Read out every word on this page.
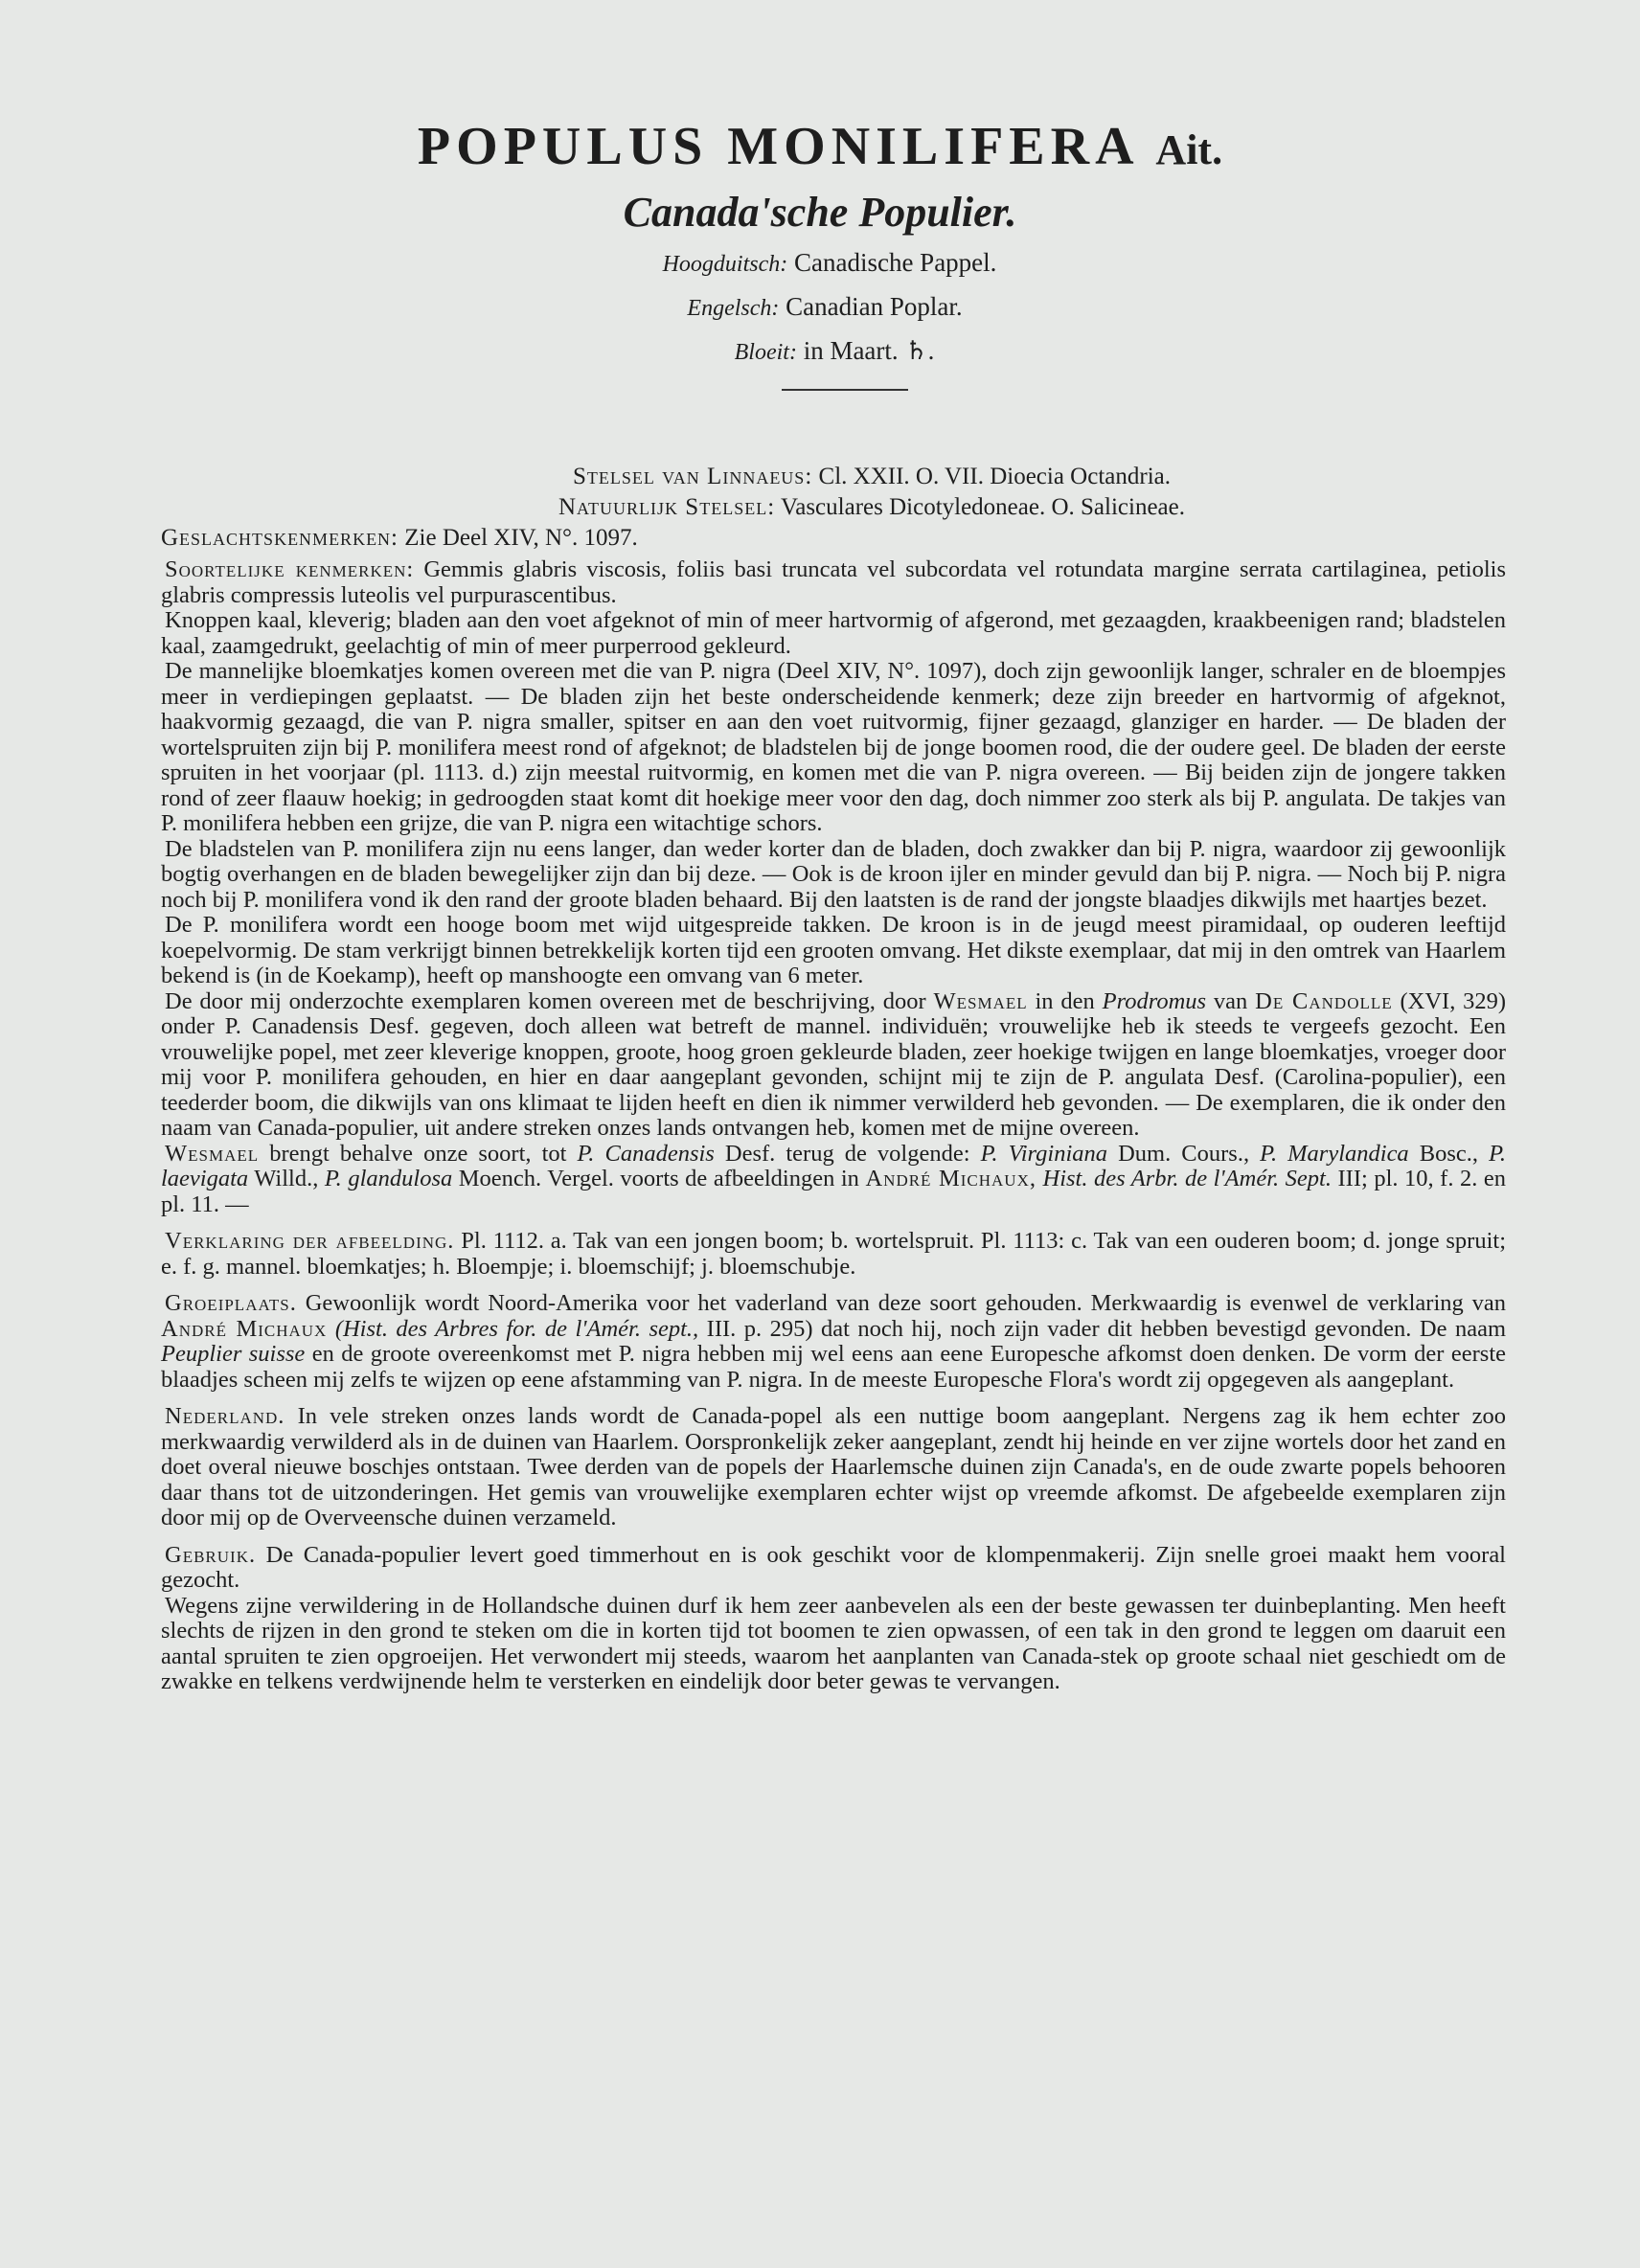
POPULUS MONILIFERA Ait.

Canada'sche Populier.

Hoogduitsch: Canadische Pappel.

Engelsch: Canadian Poplar.

Bloeit: in Maart. ♄.

Stelsel van Linnaeus: Cl. XXII. O. VII. Dioecia Octandria.

Natuurlijk Stelsel: Vasculares Dicotyledoneae. O. Salicineae.

Geslachtskenmerken: Zie Deel XIV, N°. 1097.

Soortelijke kenmerken: Gemmis glabris viscosis, foliis basi truncata vel subcordata vel rotundata margine serrata cartilaginea, petiolis glabris compressis luteolis vel purpurascentibus.

Knoppen kaal, kleverig; bladen aan den voet afgeknot of min of meer hartvormig of afgerond, met gezaagden, kraakbeenigen rand; bladstelen kaal, zaamgedrukt, geelachtig of min of meer purperrood gekleurd.

De mannelijke bloemkatjes komen overeen met die van P. nigra (Deel XIV, N°. 1097), doch zijn gewoonlijk langer, schraler en de bloempjes meer in verdiepingen geplaatst. — De bladen zijn het beste onderscheidende kenmerk; deze zijn breeder en hartvormig of afgeknot, haakvormig gezaagd, die van P. nigra smaller, spitser en aan den voet ruitvormig, fijner gezaagd, glanziger en harder. — De bladen der wortelspruiten zijn bij P. monilifera meest rond of afgeknot; de bladstelen bij de jonge boomen rood, die der oudere geel. De bladen der eerste spruiten in het voorjaar (pl. 1113. d.) zijn meestal ruitvormig, en komen met die van P. nigra overeen. — Bij beiden zijn de jongere takken rond of zeer flaauw hoekig; in gedroogden staat komt dit hoekige meer voor den dag, doch nimmer zoo sterk als bij P. angulata. De takjes van P. monilifera hebben een grijze, die van P. nigra een witachtige schors.

De bladstelen van P. monilifera zijn nu eens langer, dan weder korter dan de bladen, doch zwakker dan bij P. nigra, waardoor zij gewoonlijk bogtig overhangen en de bladen bewegelijker zijn dan bij deze. — Ook is de kroon ijler en minder gevuld dan bij P. nigra. — Noch bij P. nigra noch bij P. monilifera vond ik den rand der groote bladen behaard. Bij den laatsten is de rand der jongste blaadjes dikwijls met haartjes bezet.

De P. monilifera wordt een hooge boom met wijd uitgespreide takken. De kroon is in de jeugd meest piramidaal, op ouderen leeftijd koepelvormig. De stam verkrijgt binnen betrekkelijk korten tijd een grooten omvang. Het dikste exemplaar, dat mij in den omtrek van Haarlem bekend is (in de Koekamp), heeft op manshoogte een omvang van 6 meter.

De door mij onderzochte exemplaren komen overeen met de beschrijving, door Wesmael in den Prodromus van De Candolle (XVI, 329) onder P. Canadensis Desf. gegeven, doch alleen wat betreft de mannel. individuën; vrouwelijke heb ik steeds te vergeefs gezocht. Een vrouwelijke popel, met zeer kleverige knoppen, groote, hoog groen gekleurde bladen, zeer hoekige twijgen en lange bloemkatjes, vroeger door mij voor P. monilifera gehouden, en hier en daar aangeplant gevonden, schijnt mij te zijn de P. angulata Desf. (Carolina-populier), een teederder boom, die dikwijls van ons klimaat te lijden heeft en dien ik nimmer verwilderd heb gevonden. — De exemplaren, die ik onder den naam van Canada-populier, uit andere streken onzes lands ontvangen heb, komen met de mijne overeen.

Wesmael brengt behalve onze soort, tot P. Canadensis Desf. terug de volgende: P. Virginiana Dum. Cours., P. Marylandica Bosc., P. laevigata Willd., P. glandulosa Moench. Vergel. voorts de afbeeldingen in André Michaux, Hist. des Arbr. de l'Amér. Sept. III; pl. 10, f. 2. en pl. 11. —

Verklaring der afbeelding. Pl. 1112. a. Tak van een jongen boom; b. wortelspruit. Pl. 1113: c. Tak van een ouderen boom; d. jonge spruit; e. f. g. mannel. bloemkatjes; h. Bloempje; i. bloemschijf; j. bloemschubje.

Groeiplaats. Gewoonlijk wordt Noord-Amerika voor het vaderland van deze soort gehouden. Merkwaardig is evenwel de verklaring van André Michaux (Hist. des Arbres for. de l'Amér. sept., III. p. 295) dat noch hij, noch zijn vader dit hebben bevestigd gevonden. De naam Peuplier suisse en de groote overeenkomst met P. nigra hebben mij wel eens aan eene Europesche afkomst doen denken. De vorm der eerste blaadjes scheen mij zelfs te wijzen op eene afstamming van P. nigra. In de meeste Europesche Flora's wordt zij opgegeven als aangeplant.

Nederland. In vele streken onzes lands wordt de Canada-popel als een nuttige boom aangeplant. Nergens zag ik hem echter zoo merkwaardig verwilderd als in de duinen van Haarlem. Oorspronkelijk zeker aangeplant, zendt hij heinde en ver zijne wortels door het zand en doet overal nieuwe boschjes ontstaan. Twee derden van de popels der Haarlemsche duinen zijn Canada's, en de oude zwarte popels behooren daar thans tot de uitzonderingen. Het gemis van vrouwelijke exemplaren echter wijst op vreemde afkomst. De afgebeelde exemplaren zijn door mij op de Overveensche duinen verzameld.

Gebruik. De Canada-populier levert goed timmerhout en is ook geschikt voor de klompenmakerij. Zijn snelle groei maakt hem vooral gezocht.

Wegens zijne verwildering in de Hollandsche duinen durf ik hem zeer aanbevelen als een der beste gewassen ter duinbeplanting. Men heeft slechts de rijzen in den grond te steken om die in korten tijd tot boomen te zien opwassen, of een tak in den grond te leggen om daaruit een aantal spruiten te zien opgroeijen. Het verwondert mij steeds, waarom het aanplanten van Canada-stek op groote schaal niet geschiedt om de zwakke en telkens verdwijnende helm te versterken en eindelijk door beter gewas te vervangen.
